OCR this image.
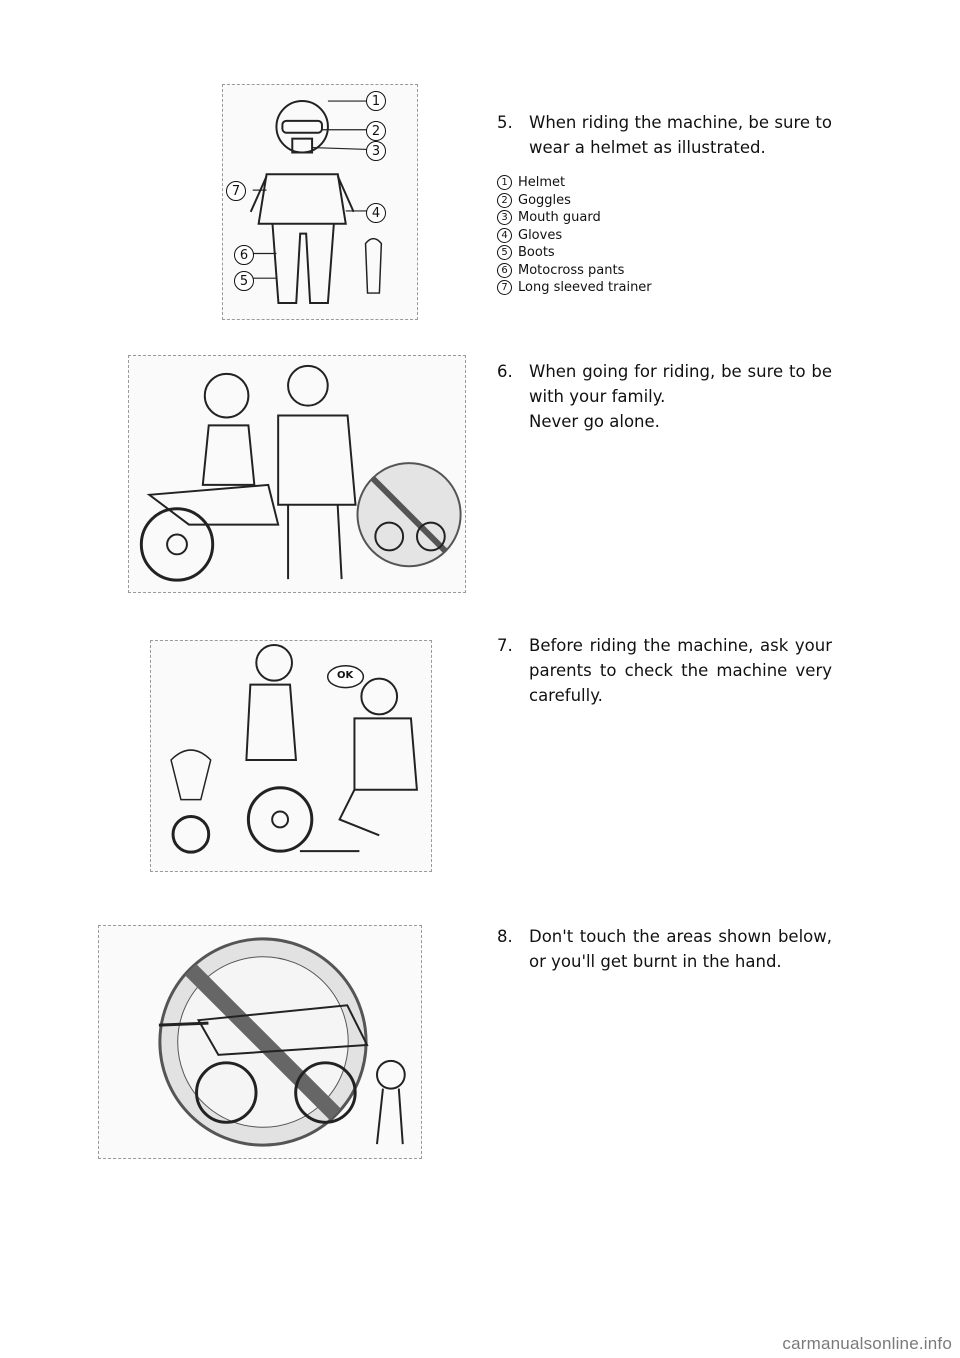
1
2
3
4
7
6
5
OK

5. When riding the machine, be sure to wear a helmet as illustrated.

1 Helmet
2 Goggles
3 Mouth guard
4 Gloves
5 Boots
6 Motocross pants
7 Long sleeved trainer

6. When going for riding, be sure to be with your family.
Never go alone.

7. Before riding the machine, ask your parents to check the machine very carefully.

8. Don't touch the areas shown below, or you'll get burnt in the hand.

carmanualsonline.info
